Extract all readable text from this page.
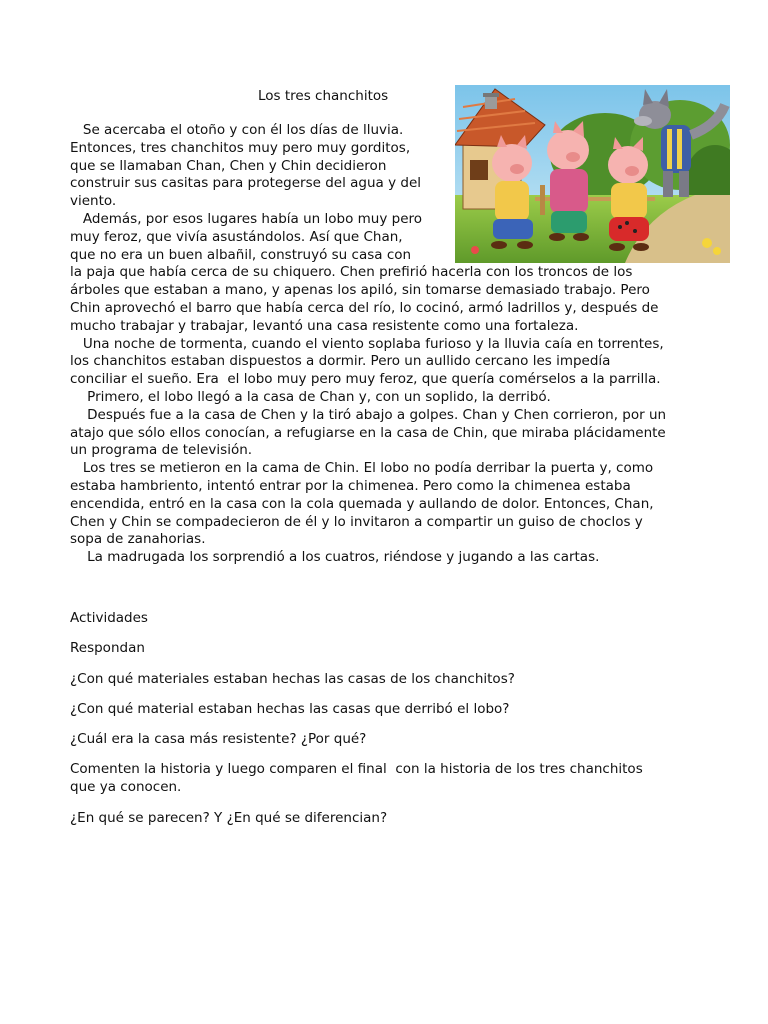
Los tres chanchitos
Se acercaba el otoño y con él los días de lluvia.
Entonces, tres chanchitos muy pero muy gorditos,
que se llamaban Chan, Chen y Chin decidieron
construir sus casitas para protegerse del agua y del
viento.
Además, por esos lugares había un lobo muy pero
muy feroz, que vivía asustándolos. Así que Chan,
que no era un buen albañil, construyó su casa con
la paja que había cerca de su chiquero. Chen prefirió hacerla con los troncos de los
árboles que estaban a mano, y apenas los apiló, sin tomarse demasiado trabajo. Pero
Chin aprovechó el barro que había cerca del río, lo cocinó, armó ladrillos y, después de
mucho trabajar y trabajar, levantó una casa resistente como una fortaleza.
Una noche de tormenta, cuando el viento soplaba furioso y la lluvia caía en torrentes,
los chanchitos estaban dispuestos a dormir. Pero un aullido cercano les impedía
conciliar el sueño. Era  el lobo muy pero muy feroz, que quería comérselos a la parrilla.
Primero, el lobo llegó a la casa de Chan y, con un soplido, la derribó.
Después fue a la casa de Chen y la tiró abajo a golpes. Chan y Chen corrieron, por un
atajo que sólo ellos conocían, a refugiarse en la casa de Chin, que miraba plácidamente
un programa de televisión.
Los tres se metieron en la cama de Chin. El lobo no podía derribar la puerta y, como
estaba hambriento, intentó entrar por la chimenea. Pero como la chimenea estaba
encendida, entró en la casa con la cola quemada y aullando de dolor. Entonces, Chan,
Chen y Chin se compadecieron de él y lo invitaron a compartir un guiso de choclos y
sopa de zanahorias.
La madrugada los sorprendió a los cuatros, riéndose y jugando a las cartas.
Actividades
Respondan
¿Con qué materiales estaban hechas las casas de los chanchitos?
¿Con qué material estaban hechas las casas que derribó el lobo?
¿Cuál era la casa más resistente? ¿Por qué?
Comenten la historia y luego comparen el final  con la historia de los tres chanchitos
que ya conocen.
¿En qué se parecen? Y ¿En qué se diferencian?
